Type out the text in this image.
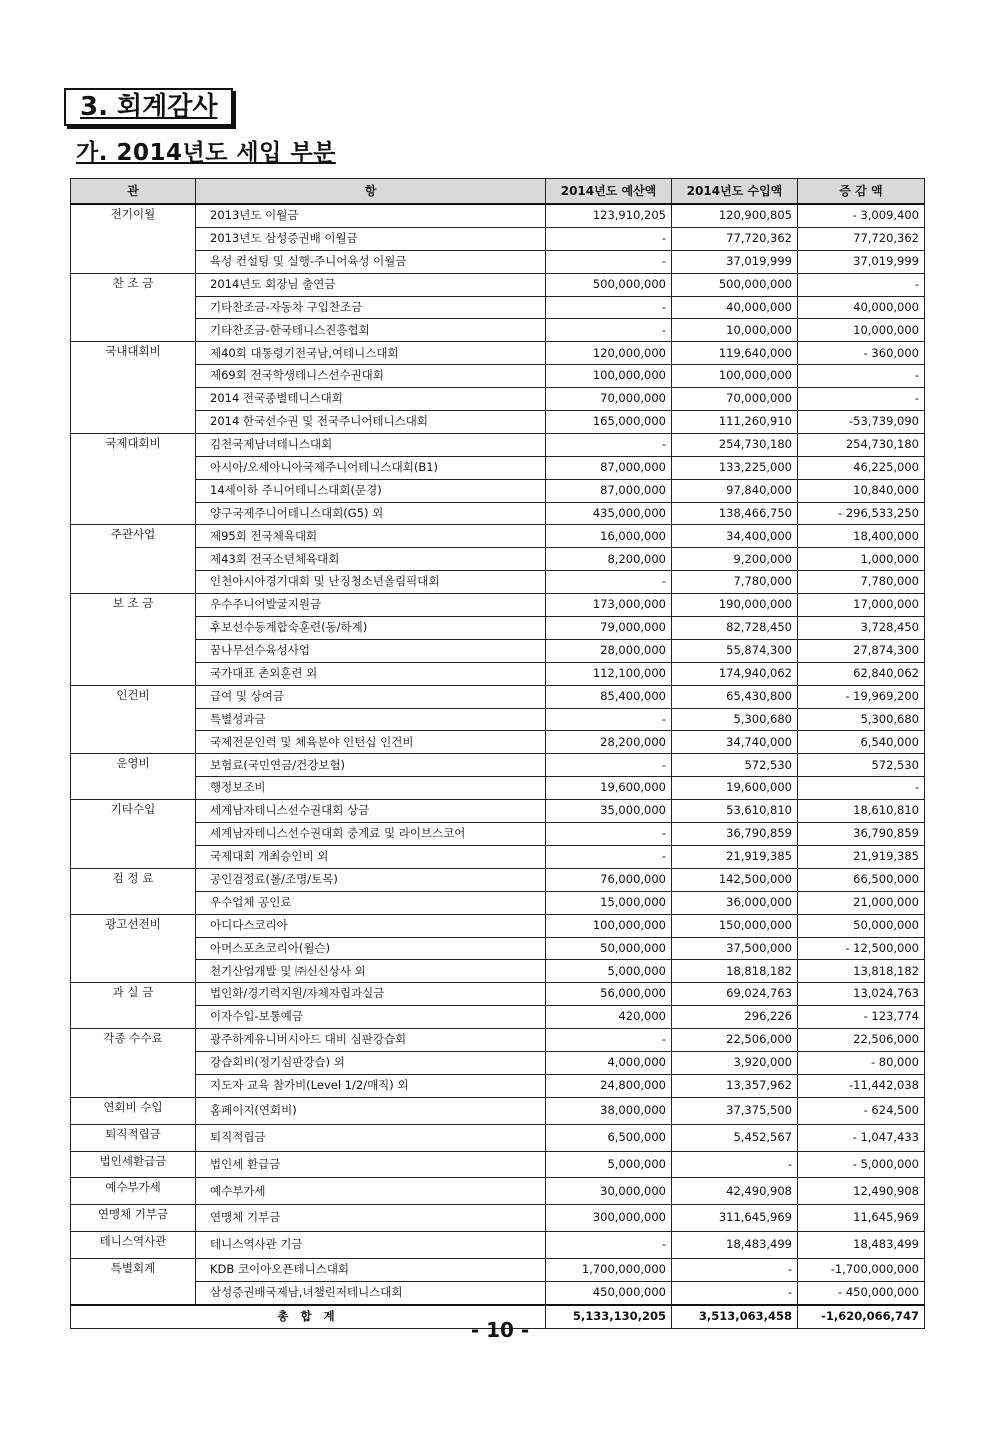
3. 회계감사
가. 2014년도 세입 부분
관	항	2014년도 예산액	2014년도 수입액	증 감 액
전기이월	2013년도 이월금	123,910,205	120,900,805	- 3,009,400
	2013년도 삼성증권배 이월금	-	77,720,362	77,720,362
	육성 컨설팅 및 실행-주니어육성 이월금	-	37,019,999	37,019,999
찬 조 금	2014년도 회장님 출연금	500,000,000	500,000,000	-
	기타찬조금-자동차 구입찬조금	-	40,000,000	40,000,000
	기타찬조금-한국테니스진흥협회	-	10,000,000	10,000,000
국내대회비	제40회 대통령기전국남,여테니스대회	120,000,000	119,640,000	- 360,000
	제69회 전국학생테니스선수권대회	100,000,000	100,000,000	-
	2014 전국종별테니스대회	70,000,000	70,000,000	-
	2014 한국선수권 및 전국주니어테니스대회	165,000,000	111,260,910	-53,739,090
국제대회비	김천국제남녀테니스대회	-	254,730,180	254,730,180
	아시아/오세아니아국제주니어테니스대회(B1)	87,000,000	133,225,000	46,225,000
	14세이하 주니어테니스대회(문경)	87,000,000	97,840,000	10,840,000
	양구국제주니어테니스대회(G5) 외	435,000,000	138,466,750	- 296,533,250
주관사업	제95회 전국체육대회	16,000,000	34,400,000	18,400,000
	제43회 전국소년체육대회	8,200,000	9,200,000	1,000,000
	인천아시아경기대회 및 난징청소년올림픽대회	-	7,780,000	7,780,000
보 조 금	우수주니어발굴지원금	173,000,000	190,000,000	17,000,000
	후보선수동계합숙훈련(동/하계)	79,000,000	82,728,450	3,728,450
	꿈나무선수육성사업	28,000,000	55,874,300	27,874,300
	국가대표 촌외훈련 외	112,100,000	174,940,062	62,840,062
인건비	급여 및 상여금	85,400,000	65,430,800	- 19,969,200
	특별성과금	-	5,300,680	5,300,680
	국제전문인력 및 체육분야 인턴십 인건비	28,200,000	34,740,000	6,540,000
운영비	보험료(국민연금/건강보험)	-	572,530	572,530
	행정보조비	19,600,000	19,600,000	-
기타수입	세계남자테니스선수권대회 상금	35,000,000	53,610,810	18,610,810
	세계남자테니스선수권대회 중계료 및 라이브스코어	-	36,790,859	36,790,859
	국제대회 개최승인비 외	-	21,919,385	21,919,385
검 정 료	공인검정료(볼/조명/토목)	76,000,000	142,500,000	66,500,000
	우수업체 공인료	15,000,000	36,000,000	21,000,000
광고선전비	아디다스코리아	100,000,000	150,000,000	50,000,000
	아머스포츠코리아(윌슨)	50,000,000	37,500,000	- 12,500,000
	천기산업개발 및 ㈜신신상사 외	5,000,000	18,818,182	13,818,182
과 실 금	법인화/경기력지원/자체자립과실금	56,000,000	69,024,763	13,024,763
	이자수입-보통예금	420,000	296,226	- 123,774
각종 수수료	광주하계유니버시아드 대비 심판강습회	-	22,506,000	22,506,000
	강습회비(정기심판강습) 외	4,000,000	3,920,000	- 80,000
	지도자 교육 참가비(Level 1/2/매직) 외	24,800,000	13,357,962	-11,442,038
연회비 수입	홈페이지(연회비)	38,000,000	37,375,500	- 624,500
퇴직적립금	퇴직적립금	6,500,000	5,452,567	- 1,047,433
법인세환급금	법인세 환급금	5,000,000	-	- 5,000,000
예수부가세	예수부가세	30,000,000	42,490,908	12,490,908
연맹체 기부금	연맹체 기부금	300,000,000	311,645,969	11,645,969
테니스역사관	테니스역사관 기금	-	18,483,499	18,483,499
특별회계	KDB 코이아오픈테니스대회	1,700,000,000	-	-1,700,000,000
	삼성증권배국제남,녀챌린저테니스대회	450,000,000	-	- 450,000,000
총 합 계		5,133,130,205	3,513,063,458	-1,620,066,747
- 10 -
